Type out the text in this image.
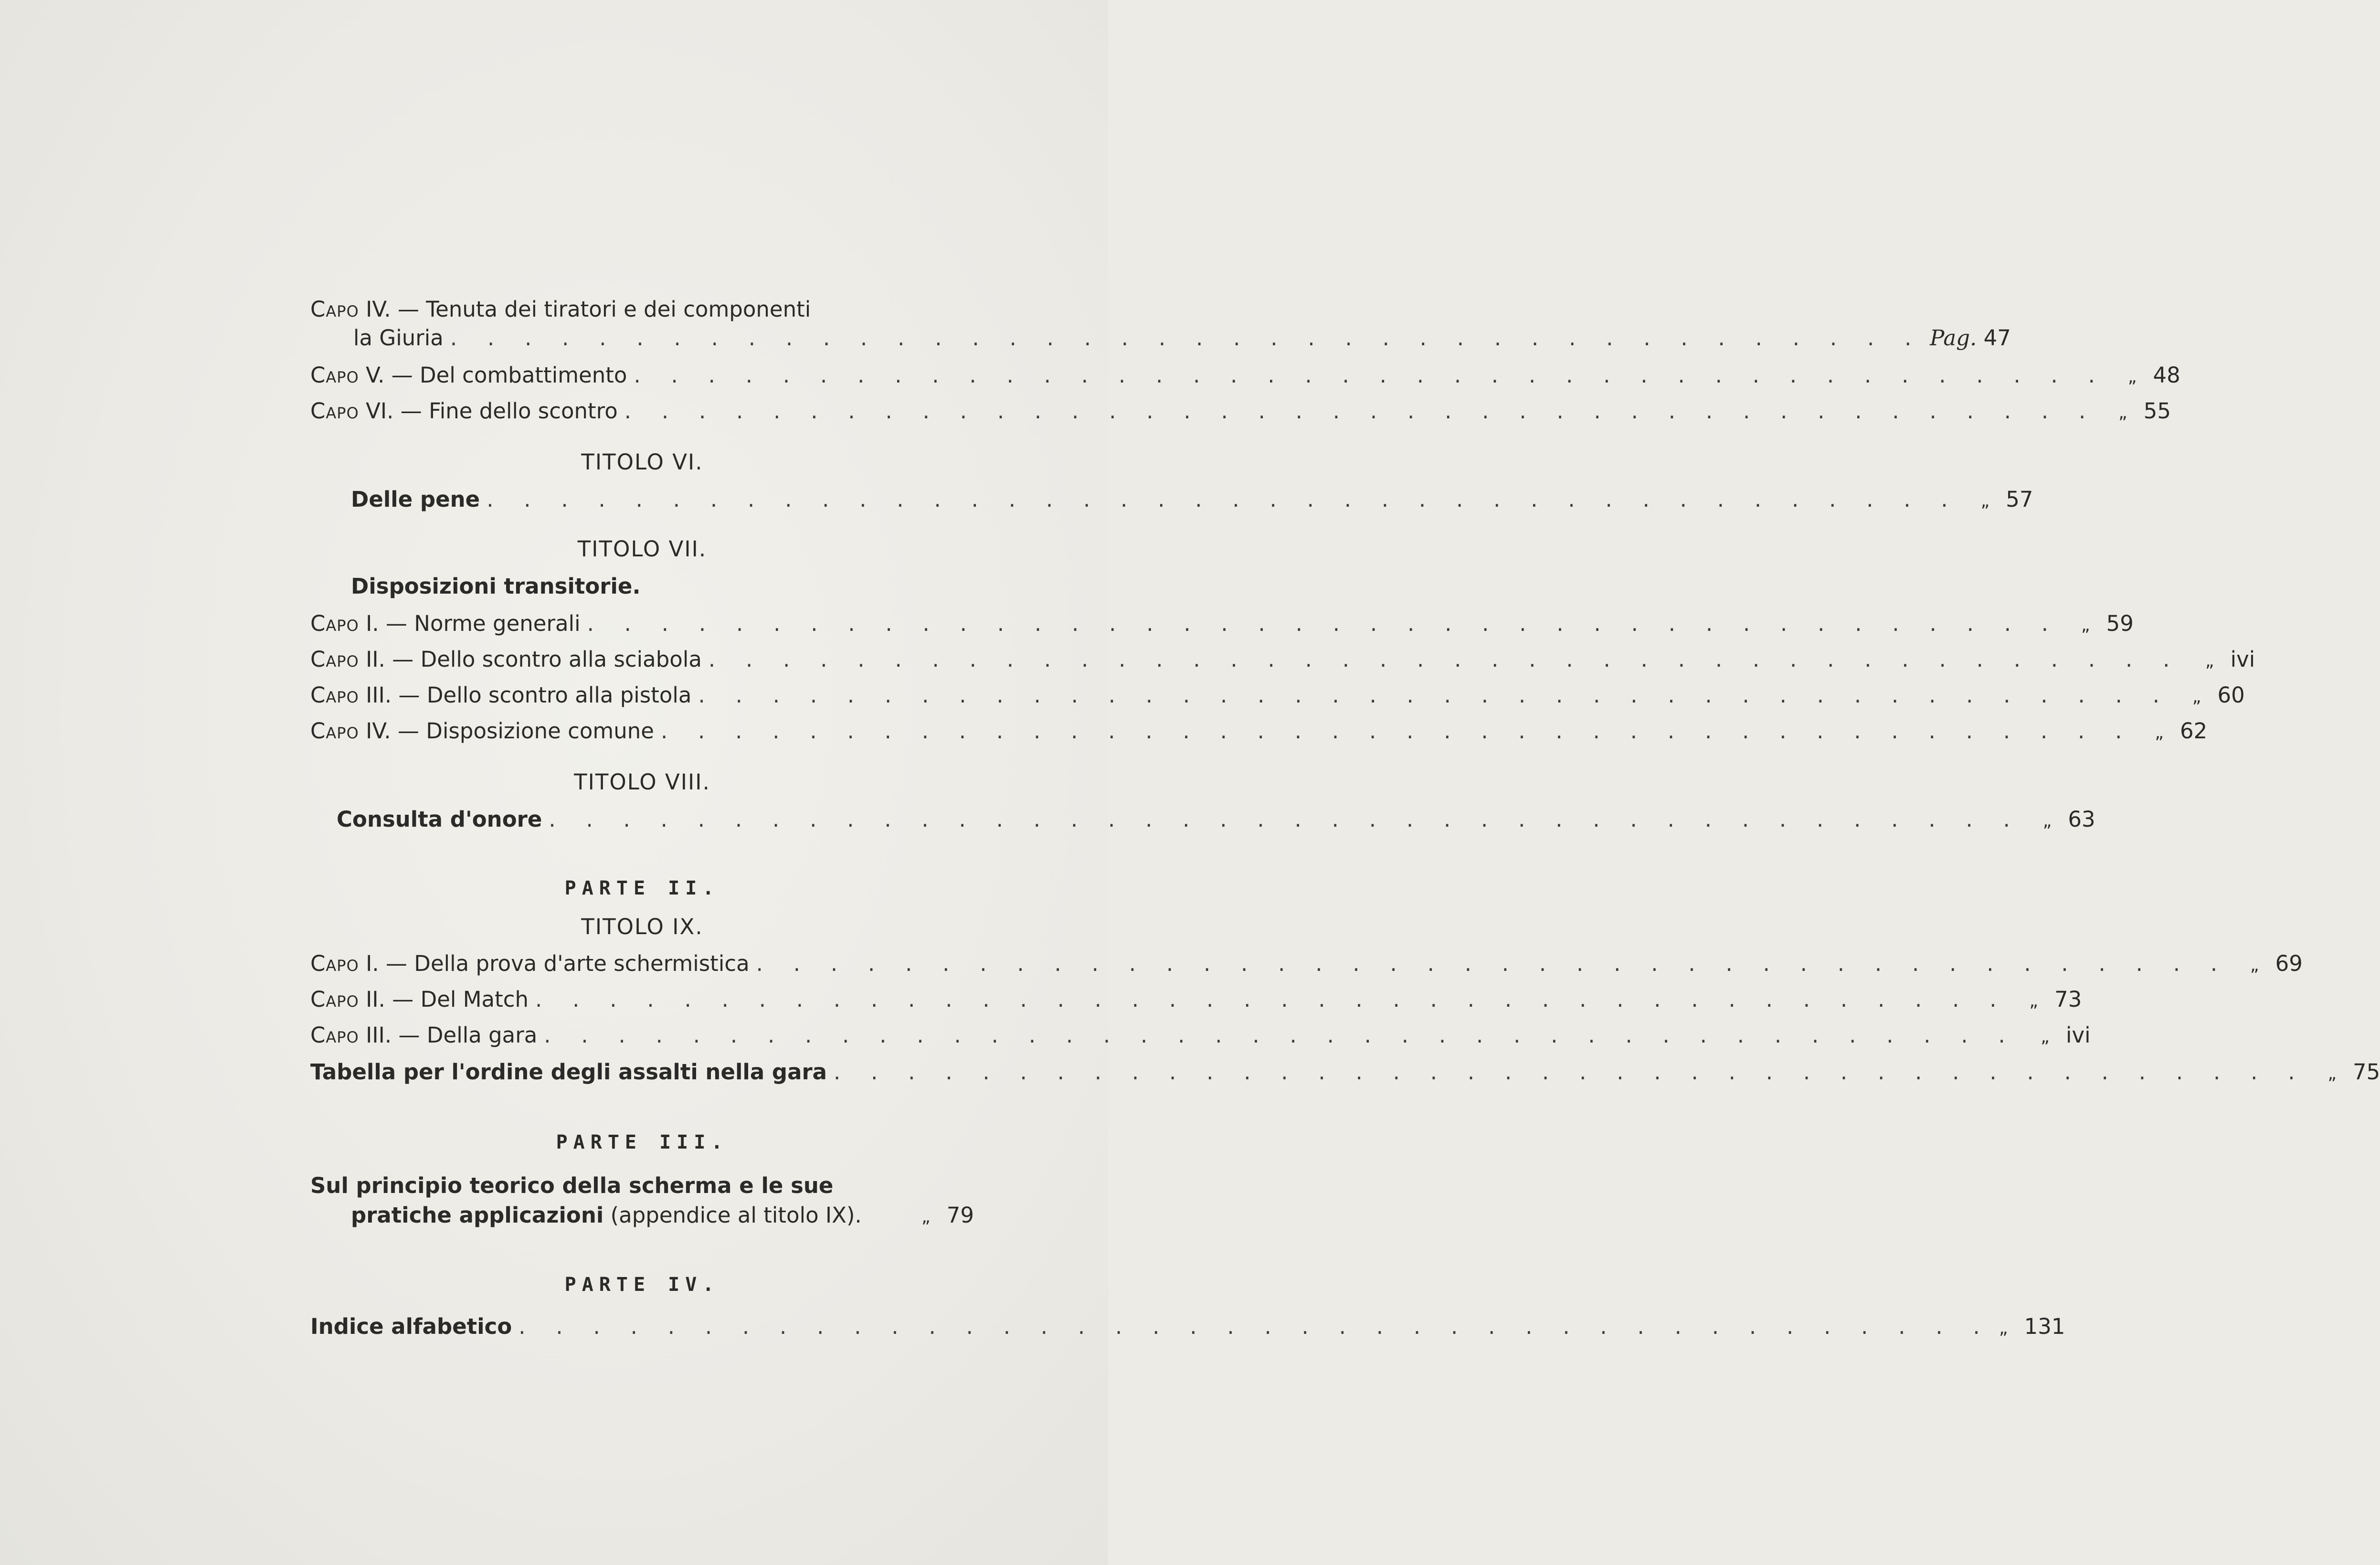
Capo IV. — Tenuta dei tiratori e dei componenti
la Giuria . . . . . . . . . . . . . . . . . . . . . . . . . . . . . . . . . . . . . . . . Pag. 47
Capo V. — Del combattimento . . . . . . . . . . . . . . . . . . . . . . . . . . . . . . . . . . . . . . . .	„ 48
Capo VI. — Fine dello scontro . . . . . . . . . . . . . . . . . . . . . . . . . . . . . . . . . . . . . . . .	„ 55
TITOLO VI.
Delle pene . . . . . . . . . . . . . . . . . . . . . . . . . . . . . . . . . . . . . . . .	„ 57
TITOLO VII.
Disposizioni transitorie.
Capo I. — Norme generali . . . . . . . . . . . . . . . . . . . . . . . . . . . . . . . . . . . . . . . .	„ 59
Capo II. — Dello scontro alla sciabola . . . . . . . . . . . . . . . . . . . . . . . . . . . . . . . . . . . . . . . .	„ ivi
Capo III. — Dello scontro alla pistola . . . . . . . . . . . . . . . . . . . . . . . . . . . . . . . . . . . . . . . .	„ 60
Capo IV. — Disposizione comune . . . . . . . . . . . . . . . . . . . . . . . . . . . . . . . . . . . . . . . .	„ 62
TITOLO VIII.
Consulta d'onore . . . . . . . . . . . . . . . . . . . . . . . . . . . . . . . . . . . . . . . .	„ 63
PARTE II.
TITOLO IX.
Capo I. — Della prova d'arte schermistica . . . . . . . . . . . . . . . . . . . . . . . . . . . . . . . . . . . . . . . .	„ 69
Capo II. — Del Match . . . . . . . . . . . . . . . . . . . . . . . . . . . . . . . . . . . . . . . .	„ 73
Capo III. — Della gara . . . . . . . . . . . . . . . . . . . . . . . . . . . . . . . . . . . . . . . .	„ ivi
Tabella per l'ordine degli assalti nella gara . . . . . . . . . . . . . . . . . . . . . . . . . . . . . . . . . . . . . . . .	„ 75
PARTE III.
Sul principio teorico della scherma e le sue
pratiche applicazioni (appendice al titolo IX).	„ 79
PARTE IV.
Indice alfabetico . . . . . . . . . . . . . . . . . . . . . . . . . . . . . . . . . . . . . . . . „ 131
